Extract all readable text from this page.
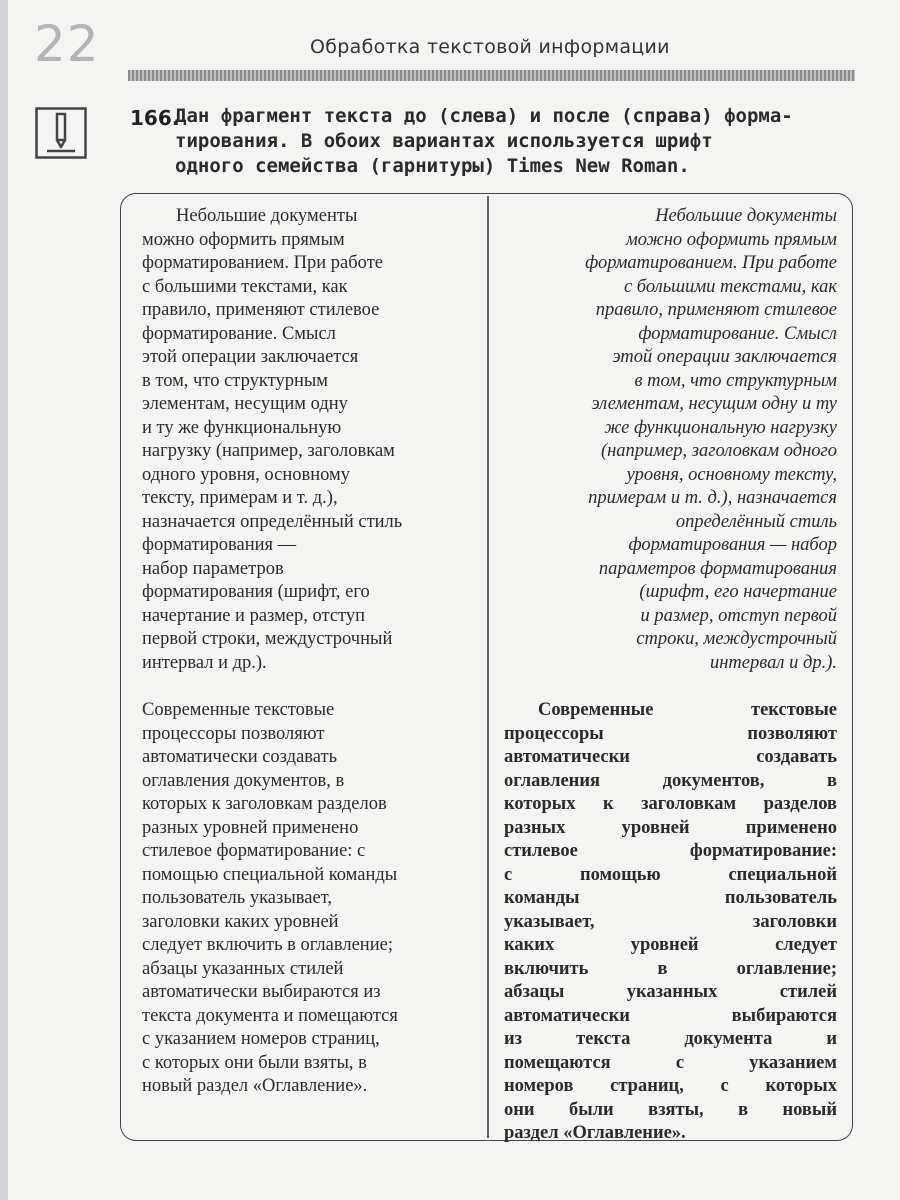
22	Обработка текстовой информации
166.
Дан фрагмент текста до (слева) и после (справа) форма-
тирования. В обоих вариантах используется шрифт
одного семейства (гарнитуры) Times New Roman.
Небольшие документы
можно оформить прямым
форматированием. При работе
с большими текстами, как
правило, применяют стилевое
форматирование. Смысл
этой операции заключается
в том, что структурным
элементам, несущим одну
и ту же функциональную
нагрузку (например, заголовкам
одного уровня, основному
тексту, примерам и т. д.),
назначается определённый стиль
форматирования —
набор параметров
форматирования (шрифт, его
начертание и размер, отступ
первой строки, междустрочный
интервал и др.).
Современные текстовые
процессоры позволяют
автоматически создавать
оглавления документов, в
которых к заголовкам разделов
разных уровней применено
стилевое форматирование: с
помощью специальной команды
пользователь указывает,
заголовки каких уровней
следует включить в оглавление;
абзацы указанных стилей
автоматически выбираются из
текста документа и помещаются
с указанием номеров страниц,
с которых они были взяты, в
новый раздел «Оглавление».
Небольшие документы
можно оформить прямым
форматированием. При работе
с большими текстами, как
правило, применяют стилевое
форматирование. Смысл
этой операции заключается
в том, что структурным
элементам, несущим одну и ту
же функциональную нагрузку
(например, заголовкам одного
уровня, основному тексту,
примерам и т. д.), назначается
определённый стиль
форматирования — набор
параметров форматирования
(шрифт, его начертание
и размер, отступ первой
строки, междустрочный
интервал и др.).
Современные текстовые
процессоры позволяют
автоматически создавать
оглавления документов, в
которых к заголовкам разделов
разных уровней применено
стилевое форматирование:
с помощью специальной
команды пользователь
указывает, заголовки
каких уровней следует
включить в оглавление;
абзацы указанных стилей
автоматически выбираются
из текста документа и
помещаются с указанием
номеров страниц, с которых
они были взяты, в новый
раздел «Оглавление».
